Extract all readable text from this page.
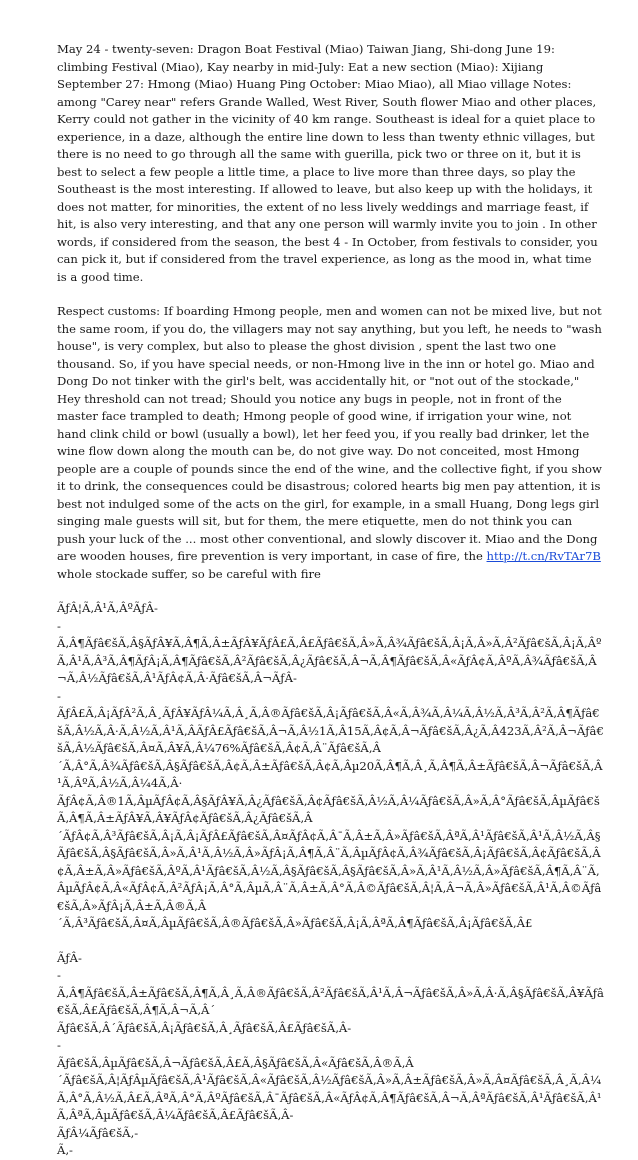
May 24 - twenty-seven: Dragon Boat Festival (Miao) Taiwan Jiang, Shi-dong June 19: climbing Festival (Miao), Kay nearby in mid-July: Eat a new section (Miao): Xijiang September 27: Hmong (Miao) Huang Ping October: Miao Miao), all Miao village Notes: among "Carey near" refers Grande Walled, West River, South flower Miao and other places, Kerry could not gather in the vicinity of 40 km range. Southeast is ideal for a quiet place to experience, in a daze, although the entire line down to less than twenty ethnic villages, but there is no need to go through all the same with guerilla, pick two or three on it, but it is best to select a few people a little time, a place to live more than three days, so play the Southeast is the most interesting. If allowed to leave, but also keep up with the holidays, it does not matter, for minorities, the extent of no less lively weddings and marriage feast, if hit, is also very interesting, and that any one person will warmly invite you to join . In other words, if considered from the season, the best 4 - In October, from festivals to consider, you can pick it, but if considered from the travel experience, as long as the mood in, what time is a good time.

Respect customs: If boarding Hmong people, men and women can not be mixed live, but not the same room, if you do, the villagers may not say anything, but you left, he needs to "wash house", is very complex, but also to please the ghost division , spent the last two one thousand. So, if you have special needs, or non-Hmong live in the inn or hotel go. Miao and Dong Do not tinker with the girl's belt, was accidentally hit, or "not out of the stockade," Hey threshold can not tread; Should you notice any bugs in people, not in front of the master face trampled to death; Hmong people of good wine, if irrigation your wine, not hand clink child or bowl (usually a bowl), let her feed you, if you really bad drinker, let the wine flow down along the mouth can be, do not give way. Do not conceited, most Hmong people are a couple of pounds since the end of the wine, and the collective fight, if you show it to drink, the consequences could be disastrous; colored hearts big men pay attention, it is best not indulged some of the acts on the girl, for example, in a small Huang, Dong legs girl singing male guests will sit, but for them, the mere etiquette, men do not think you can push your luck of the ... most other conventional, and slowly discover it. Miao and the Dong are wooden houses, fire prevention is very important, in case of fire, the http://t.cn/RvTAr7B whole stockade suffer, so be careful with fire

ÃƒÂ¦Ã‚Â¹Ã‚ÂºÃƒÂ-
-
Ã‚Â¶Ãƒâ€šÃ‚Â§ÃƒÂ¥Ã‚Â¶Ã‚Â±ÃƒÂ¥ÃƒÂ£Ã‚Â£Ãƒâ€šÃ‚Â»Ã‚Â¾Ãƒâ€šÃ‚Â¡Ã‚Â»Ã‚Â²Ãƒâ€šÃ‚Â¡Ã‚ÂºÃ‚Â¹Ã‚Â³Ã‚Â¶ÃƒÂ¡Ã‚Â¶Ãƒâ€šÃ‚Â²Ãƒâ€šÃ‚Â¿Ãƒâ€šÃ‚Â¬Ã‚Â¶Ãƒâ€šÃ‚Â«ÃƒÂ¢Ã‚ÂºÃ‚Â¾Ãƒâ€šÃ‚Â¬Ã‚Â½Ãƒâ€šÃ‚Â¹ÃƒÂ¢Ã‚Â·Ãƒâ€šÃ‚Â¬ÃƒÂ-
-
ÃƒÂ£Ã‚Â¡ÃƒÂ²Ã‚Â¸ÃƒÂ¥ÃƒÂ¼Ã‚Â¸Ã‚Â®Ãƒâ€šÃ‚Â¡Ãƒâ€šÃ‚Â«Ã‚Â¾Ã‚Â¼Ã‚Â½Ã‚Â³Ã‚Â²Ã‚Â¶Ãƒâ€šÃ‚Â½Ã‚Â·Ã‚Â½Ã‚Â¹Ã‚ÂÃƒÂ£Ãƒâ€šÃ‚Â¬Ã‚Â½1Ã‚Â15Ã‚Â¢Ã‚Â¬Ãƒâ€šÃ‚Â¿Ã‚Â423Ã‚Â²Ã‚Â¬Ãƒâ€šÃ‚Â½Ãƒâ€šÃ‚Â¤Ã‚Â¥Ã‚Â¼76%Ãƒâ€šÃ‚Â¢Ã‚Â¨Ãƒâ€šÃ‚Â´Ã‚Â°Ã‚Â¾Ãƒâ€šÃ‚Â§Ãƒâ€šÃ‚Â¢Ã‚Â±Ãƒâ€šÃ‚Â¢Ã‚Âµ20Ã‚Â¶Ã‚Â¸Ã‚Â¶Ã‚Â±Ãƒâ€šÃ‚Â¬Ãƒâ€šÃ‚Â¹Ã‚ÂºÃ‚Â½Ã‚Â¼4Ã‚Â·
ÃƒÂ¢Ã‚Â®1Ã‚ÂµÃƒÂ¢Ã‚Â§ÃƒÂ¥Ã‚Â¿Ãƒâ€šÃ‚Â¢Ãƒâ€šÃ‚Â½Ã‚Â¼Ãƒâ€šÃ‚Â»Ã‚Â°Ãƒâ€šÃ‚ÂµÃƒâ€šÃ‚Â¶Ã‚Â±ÃƒÂ¥Ã‚Â¥ÃƒÂ¢Ãƒâ€šÃ‚Â¿Ãƒâ€šÃ‚Â´ÃƒÂ¢Ã‚Â³Ãƒâ€šÃ‚Â¡Ã‚Â¡ÃƒÂ£Ãƒâ€šÃ‚Â¤ÃƒÂ¢Ã‚Â¯Ã‚Â±Ã‚Â»Ãƒâ€šÃ‚ÂªÃ‚Â¹Ãƒâ€šÃ‚Â¹Ã‚Â½Ã‚Â§Ãƒâ€šÃ‚Â§Ãƒâ€šÃ‚Â»Ã‚Â¹Ã‚Â½Ã‚Â»ÃƒÂ¡Ã‚Â¶Ã‚Â¨Ã‚ÂµÃƒÂ¢Ã‚Â¾Ãƒâ€šÃ‚Â¡Ãƒâ€šÃ‚Â¢Ãƒâ€šÃ‚Â¢Ã‚Â±Ã‚Â»Ãƒâ€šÃ‚ÂºÃ‚Â¹Ãƒâ€šÃ‚Â½Ã‚Â§Ãƒâ€šÃ‚Â§Ãƒâ€šÃ‚Â»Ã‚Â¹Ã‚Â½Ã‚Â»Ãƒâ€šÃ‚Â¶Ã‚Â¨Ã‚ÂµÃƒÂ¢Ã‚Â«ÃƒÂ¢Ã‚Â²ÃƒÂ¡Ã‚Â°Ã‚ÂµÃ‚Â¨Ã‚Â±Ã‚Â°Ã‚Â©Ãƒâ€šÃ‚Â¦Ã‚Â¬Ã‚Â»Ãƒâ€šÃ‚Â¹Ã‚Â©Ãƒâ€šÃ‚Â»ÃƒÂ¡Ã‚Â±Ã‚Â®Ã‚Â´Ã‚Â³Ãƒâ€šÃ‚Â¤Ã‚ÂµÃƒâ€šÃ‚Â®Ãƒâ€šÃ‚Â»Ãƒâ€šÃ‚Â¡Ã‚ÂªÃ‚Â¶Ãƒâ€šÃ‚Â¡Ãƒâ€šÃ‚Â£
ÃƒÂ-
-
Ã‚Â¶Ãƒâ€šÃ‚Â±Ãƒâ€šÃ‚Â¶Ã‚Â¸Ã‚Â®Ãƒâ€šÃ‚Â²Ãƒâ€šÃ‚Â¹Ã‚Â¬Ãƒâ€šÃ‚Â»Ã‚Â·Ã‚Â§Ãƒâ€šÃ‚Â¥Ãƒâ€šÃ‚Â£Ãƒâ€šÃ‚Â¶Ã‚Â¬Ã‚Â´
Ãƒâ€šÃ‚Â´Ãƒâ€šÃ‚Â¡Ãƒâ€šÃ‚Â¸Ãƒâ€šÃ‚Â£Ãƒâ€šÃ‚Â-
-
Ãƒâ€šÃ‚ÂµÃƒâ€šÃ‚Â¬Ãƒâ€šÃ‚Â£Ã‚Â§Ãƒâ€šÃ‚Â«Ãƒâ€šÃ‚Â®Ã‚Â´Ãƒâ€šÃ‚Â¦ÃƒÂµÃƒâ€šÃ‚Â¹Ãƒâ€šÃ‚Â«Ãƒâ€šÃ‚Â½Ãƒâ€šÃ‚Â»Ã‚Â±Ãƒâ€šÃ‚Â»Ã‚Â¤Ãƒâ€šÃ‚Â¸Ã‚Â¼Ã‚Â°Ã‚Â½Ã‚Â£Ã‚ÂªÃ‚Â°Ã‚ÂºÃƒâ€šÃ‚Â¯Ãƒâ€šÃ‚Â«ÃƒÂ¢Ã‚Â¶Ãƒâ€šÃ‚Â¬Ã‚ÂªÃƒâ€šÃ‚Â¹Ãƒâ€šÃ‚Â¹Ã‚ÂªÃ‚ÂµÃƒâ€šÃ‚Â¼Ãƒâ€šÃ‚Â£Ãƒâ€šÃ‚Â-
ÃƒÂ¼Ãƒâ€šÃ‚-
Ã‚-
